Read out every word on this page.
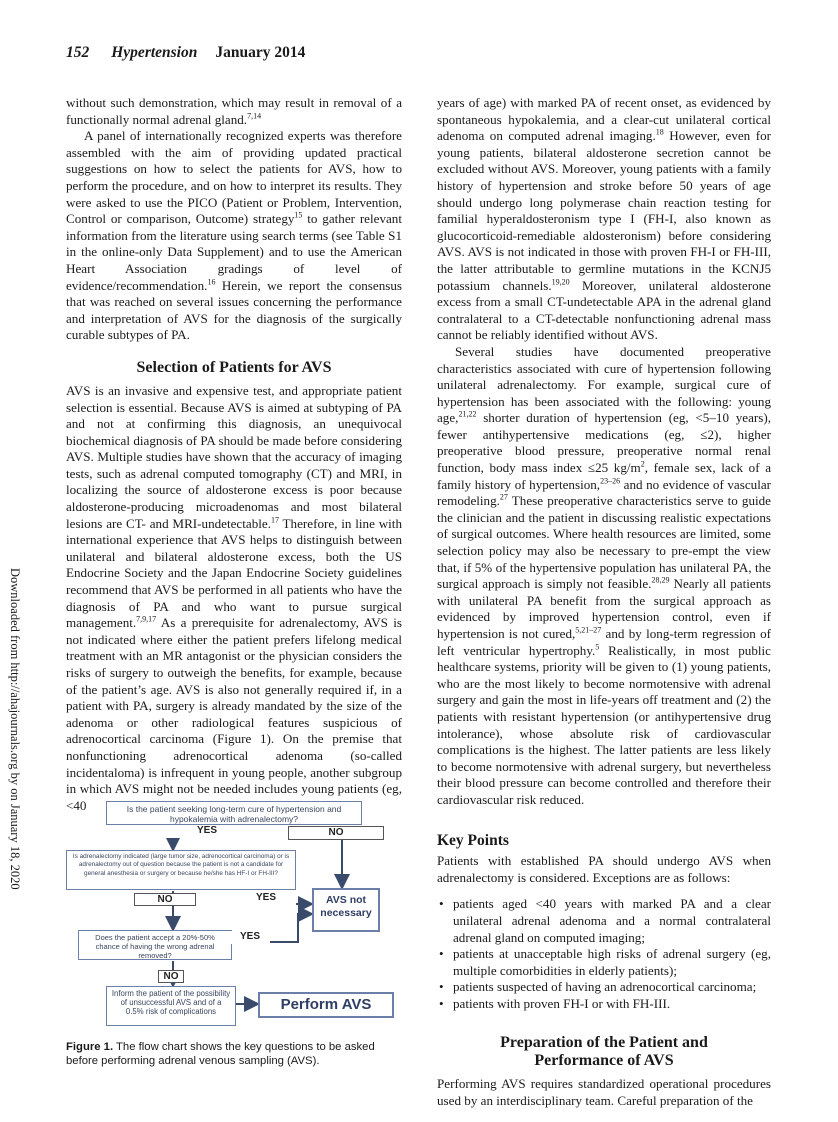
152 Hypertension January 2014
Downloaded from http://ahajournals.org by on January 18, 2020

without such demonstration, which may result in removal of a functionally normal adrenal gland.$^{7,14}$

A panel of internationally recognized experts was therefore assembled with the aim of providing updated practical suggestions on how to select the patients for AVS, how to perform the procedure, and on how to interpret its results. They were asked to use the PICO (Patient or Problem, Intervention, Control or comparison, Outcome) strategy$^{15}$ to gather relevant information from the literature using search terms (see Table S1 in the online-only Data Supplement) and to use the American Heart Association gradings of level of evidence/recommendation.$^{16}$ Herein, we report the consensus that was reached on several issues concerning the performance and interpretation of AVS for the diagnosis of the surgically curable subtypes of PA.

Selection of Patients for AVS

AVS is an invasive and expensive test, and appropriate patient selection is essential. Because AVS is aimed at subtyping of PA and not at confirming this diagnosis, an unequivocal biochemical diagnosis of PA should be made before considering AVS. Multiple studies have shown that the accuracy of imaging tests, such as adrenal computed tomography (CT) and MRI, in localizing the source of aldosterone excess is poor because aldosterone-producing microadenomas and most bilateral lesions are CT- and MRI-undetectable.$^{17}$ Therefore, in line with international experience that AVS helps to distinguish between unilateral and bilateral aldosterone excess, both the US Endocrine Society and the Japan Endocrine Society guidelines recommend that AVS be performed in all patients who have the diagnosis of PA and who want to pursue surgical management.$^{7,9,17}$ As a prerequisite for adrenalectomy, AVS is not indicated where either the patient prefers lifelong medical treatment with an MR antagonist or the physician considers the risks of surgery to outweigh the benefits, for example, because of the patient’s age. AVS is also not generally required if, in a patient with PA, surgery is already mandated by the size of the adenoma or other radiological features suspicious of adrenocortical carcinoma (Figure 1). On the premise that nonfunctioning adrenocortical adenoma (so-called incidentaloma) is infrequent in young people, another subgroup in which AVS might not be needed includes young patients (eg, <40

years of age) with marked PA of recent onset, as evidenced by spontaneous hypokalemia, and a clear-cut unilateral cortical adenoma on computed adrenal imaging.$^{18}$ However, even for young patients, bilateral aldosterone secretion cannot be excluded without AVS. Moreover, young patients with a family history of hypertension and stroke before 50 years of age should undergo long polymerase chain reaction testing for familial hyperaldosteronism type I (FH-I, also known as glucocorticoid-remediable aldosteronism) before considering AVS. AVS is not indicated in those with proven FH-I or FH-III, the latter attributable to germline mutations in the KCNJ5 potassium channels.$^{19,20}$ Moreover, unilateral aldosterone excess from a small CT-undetectable APA in the adrenal gland contralateral to a CT-detectable nonfunctioning adrenal mass cannot be reliably identified without AVS.

Several studies have documented preoperative characteristics associated with cure of hypertension following unilateral adrenalectomy. For example, surgical cure of hypertension has been associated with the following: young age,$^{21,22}$ shorter duration of hypertension (eg, <5–10 years), fewer antihypertensive medications (eg, ≤2), higher preoperative blood pressure, preoperative normal renal function, body mass index ≤25 $kg/m^2$, female sex, lack of a family history of hypertension,$^{23-26}$ and no evidence of vascular remodeling.$^{27}$ These preoperative characteristics serve to guide the clinician and the patient in discussing realistic expectations of surgical outcomes. Where health resources are limited, some selection policy may also be necessary to pre-empt the view that, if 5% of the hypertensive population has unilateral PA, the surgical approach is simply not feasible.$^{28,29}$ Nearly all patients with unilateral PA benefit from the surgical approach as evidenced by improved hypertension control, even if hypertension is not cured,$^{5,21-27}$ and by long-term regression of left ventricular hypertrophy.$^5$ Realistically, in most public healthcare systems, priority will be given to (1) young patients, who are the most likely to become normotensive with adrenal surgery and gain the most in life-years off treatment and (2) the patients with resistant hypertension (or antihypertensive drug intolerance), whose absolute risk of cardiovascular complications is the highest. The latter patients are less likely to become normotensive with adrenal surgery, but nevertheless their blood pressure can become controlled and therefore their cardiovascular risk reduced.

Key Points

Patients with established PA should undergo AVS when adrenalectomy is considered. Exceptions are as follows:

• patients aged <40 years with marked PA and a clear unilateral adrenal adenoma and a normal contralateral adrenal gland on computed imaging;
• patients at unacceptable high risks of adrenal surgery (eg, multiple comorbidities in elderly patients);
• patients suspected of having an adrenocortical carcinoma;
• patients with proven FH-I or with FH-III.
Preparation of the Patient and
Performance of AVS

Performing AVS requires standardized operational procedures used by an interdisciplinary team. Careful preparation of the

Is the patient seeking long-term cure of hypertension and hypokalemia with adrenalectomy?
YES	NO
Is adrenalectomy indicated (large tumor size, adrenocortical carcinoma) or is adrenalectomy out of question because the patient is not a candidate for general anesthesia or surgery or because he/she has HF-I or FH-III?
NO	YES	AVS not necessary
Does the patient accept a 20%-50% chance of having the wrong adrenal removed?
YES
NO
Inform the patient of the possibility of unsuccessful AVS and of a 0.5% risk of complications	Perform AVS
Figure 1. The flow chart shows the key questions to be asked before performing adrenal venous sampling (AVS).
